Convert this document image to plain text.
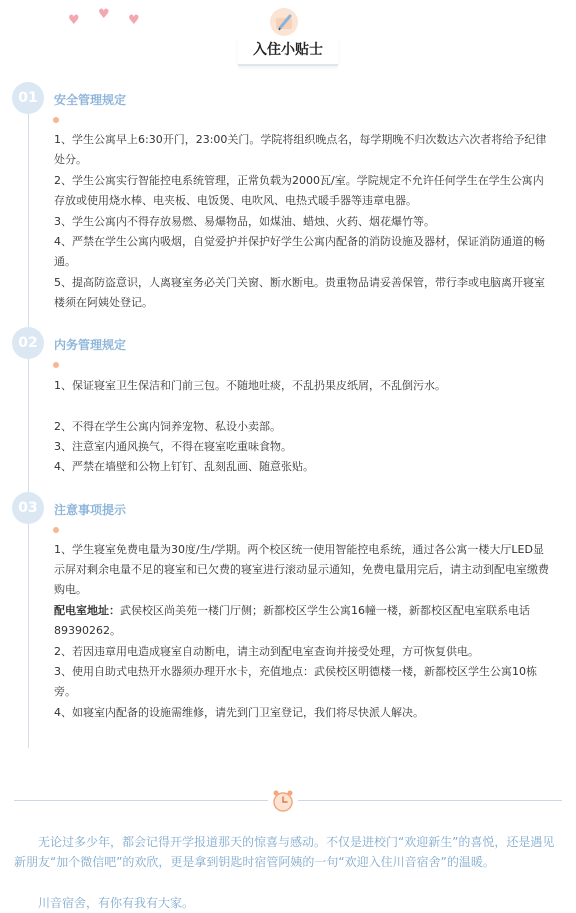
♥ ♥ ♥
入住小贴士
01	安全管理规定

1、学生公寓早上6:30开门，23:00关门。学院将组织晚点名，每学期晚不归次数达六次者将给予纪律处分。

2、学生公寓实行智能控电系统管理，正常负载为2000瓦/室。学院规定不允许任何学生在学生公寓内存放或使用烧水棒、电夹板、电饭煲、电吹风、电热式暖手器等违章电器。

3、学生公寓内不得存放易燃、易爆物品，如煤油、蜡烛、火药、烟花爆竹等。

4、严禁在学生公寓内吸烟，自觉爱护并保护好学生公寓内配备的消防设施及器材，保证消防通道的畅通。

5、提高防盗意识，人离寝室务必关门关窗、断水断电。贵重物品请妥善保管，带行李或电脑离开寝室楼须在阿姨处登记。

02	内务管理规定

1、保证寝室卫生保洁和门前三包。不随地吐痰，不乱扔果皮纸屑，不乱倒污水。

2、不得在学生公寓内饲养宠物、私设小卖部。

3、注意室内通风换气，不得在寝室吃重味食物。

4、严禁在墙壁和公物上钉钉、乱刻乱画、随意张贴。

03	注意事项提示

1、学生寝室免费电量为30度/生/学期。两个校区统一使用智能控电系统，通过各公寓一楼大厅LED显示屏对剩余电量不足的寝室和已欠费的寝室进行滚动显示通知，免费电量用完后，请主动到配电室缴费购电。

配电室地址：武侯校区尚美苑一楼门厅侧；新都校区学生公寓16幢一楼，新都校区配电室联系电话89390262。

2、若因违章用电造成寝室自动断电，请主动到配电室查询并接受处理，方可恢复供电。

3、使用自助式电热开水器须办理开水卡，充值地点：武侯校区明德楼一楼，新都校区学生公寓10栋旁。

4、如寝室内配备的设施需维修，请先到门卫室登记，我们将尽快派人解决。

无论过多少年，都会记得开学报道那天的惊喜与感动。不仅是进校门“欢迎新生”的喜悦，还是遇见新朋友“加个微信吧”的欢欣，更是拿到钥匙时宿管阿姨的一句“欢迎入住川音宿舍”的温暖。

川音宿舍，有你有我有大家。
